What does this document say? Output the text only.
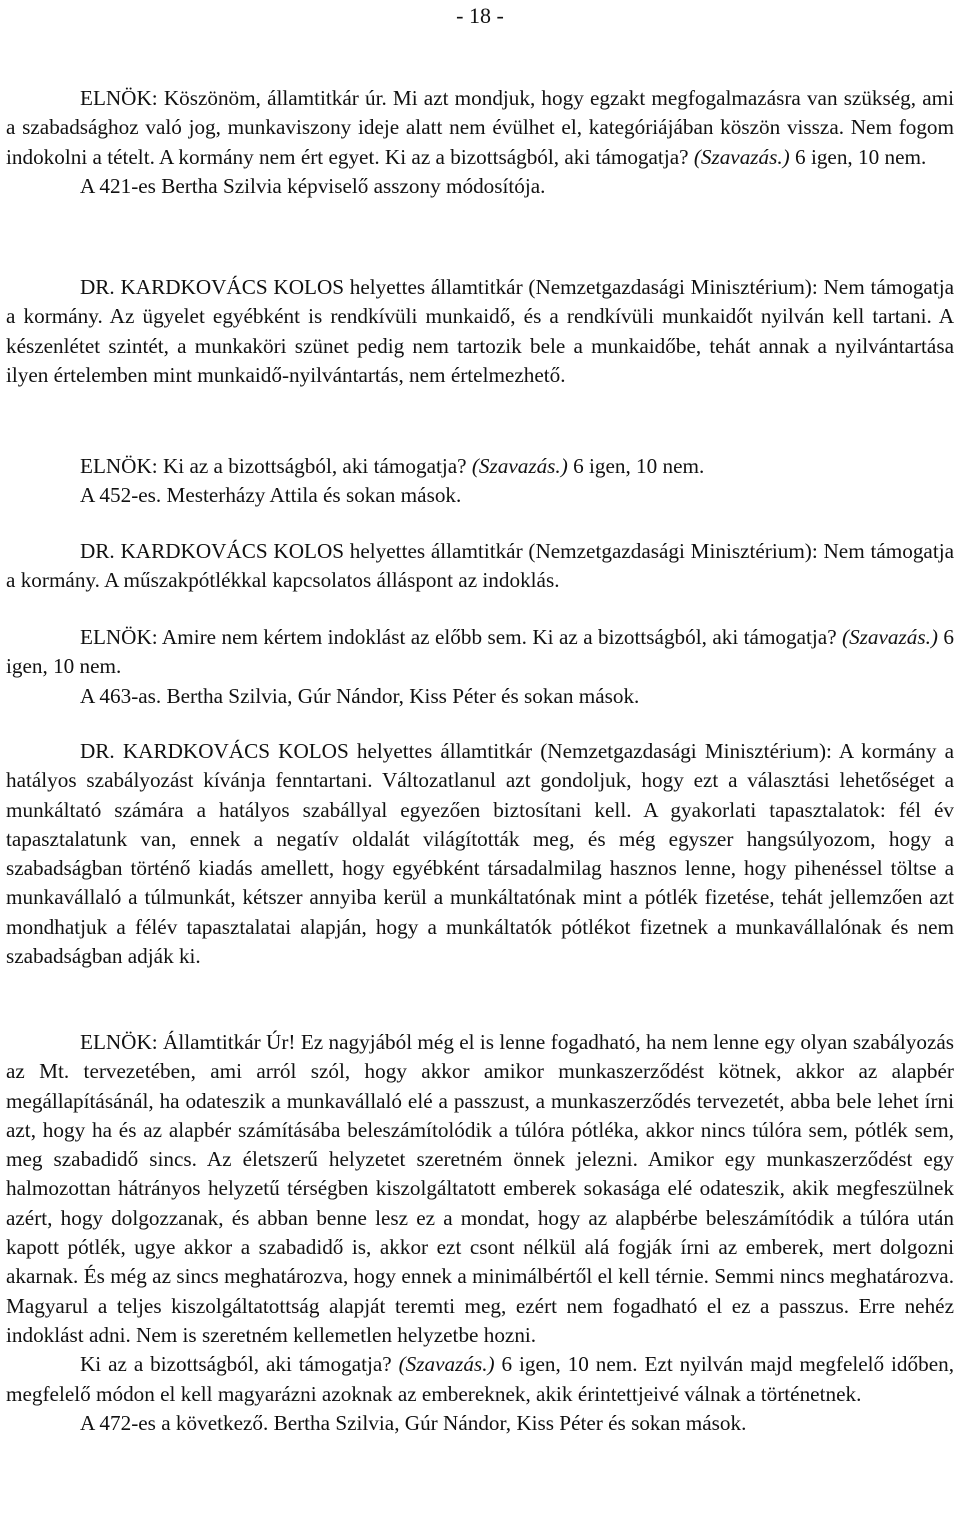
- 18 -

ELNÖK: Köszönöm, államtitkár úr. Mi azt mondjuk, hogy egzakt megfogalmazásra van szükség, ami a szabadsághoz való jog, munkaviszony ideje alatt nem évülhet el, kategóriájában köszön vissza. Nem fogom indokolni a tételt. A kormány nem ért egyet. Ki az a bizottságból, aki támogatja? (Szavazás.) 6 igen, 10 nem.

A 421-es Bertha Szilvia képviselő asszony módosítója.

DR. KARDKOVÁCS KOLOS helyettes államtitkár (Nemzetgazdasági Minisztérium): Nem támogatja a kormány. Az ügyelet egyébként is rendkívüli munkaidő, és a rendkívüli munkaidőt nyilván kell tartani. A készenlétet szintét, a munkaköri szünet pedig nem tartozik bele a munkaidőbe, tehát annak a nyilvántartása ilyen értelemben mint munkaidő-nyilvántartás, nem értelmezhető.

ELNÖK: Ki az a bizottságból, aki támogatja? (Szavazás.) 6 igen, 10 nem.

A 452-es. Mesterházy Attila és sokan mások.

DR. KARDKOVÁCS KOLOS helyettes államtitkár (Nemzetgazdasági Minisztérium): Nem támogatja a kormány. A műszakpótlékkal kapcsolatos álláspont az indoklás.

ELNÖK: Amire nem kértem indoklást az előbb sem. Ki az a bizottságból, aki támogatja? (Szavazás.) 6 igen, 10 nem.

A 463-as. Bertha Szilvia, Gúr Nándor, Kiss Péter és sokan mások.

DR. KARDKOVÁCS KOLOS helyettes államtitkár (Nemzetgazdasági Minisztérium): A kormány a hatályos szabályozást kívánja fenntartani. Változatlanul azt gondoljuk, hogy ezt a választási lehetőséget a munkáltató számára a hatályos szabállyal egyezően biztosítani kell. A gyakorlati tapasztalatok: fél év tapasztalatunk van, ennek a negatív oldalát világították meg, és még egyszer hangsúlyozom, hogy a szabadságban történő kiadás amellett, hogy egyébként társadalmilag hasznos lenne, hogy pihenéssel töltse a munkavállaló a túlmunkát, kétszer annyiba kerül a munkáltatónak mint a pótlék fizetése, tehát jellemzően azt mondhatjuk a félév tapasztalatai alapján, hogy a munkáltatók pótlékot fizetnek a munkavállalónak és nem szabadságban adják ki.

ELNÖK: Államtitkár Úr! Ez nagyjából még el is lenne fogadható, ha nem lenne egy olyan szabályozás az Mt. tervezetében, ami arról szól, hogy akkor amikor munkaszerződést kötnek, akkor az alapbér megállapításánál, ha odateszik a munkavállaló elé a passzust, a munkaszerződés tervezetét, abba bele lehet írni azt, hogy ha és az alapbér számításába beleszámítolódik a túlóra pótléka, akkor nincs túlóra sem, pótlék sem, meg szabadidő sincs. Az életszerű helyzetet szeretném önnek jelezni. Amikor egy munkaszerződést egy halmozottan hátrányos helyzetű térségben kiszolgáltatott emberek sokasága elé odateszik, akik megfeszülnek azért, hogy dolgozzanak, és abban benne lesz ez a mondat, hogy az alapbérbe beleszámítódik a túlóra után kapott pótlék, ugye akkor a szabadidő is, akkor ezt csont nélkül alá fogják írni az emberek, mert dolgozni akarnak. És még az sincs meghatározva, hogy ennek a minimálbértől el kell térnie. Semmi nincs meghatározva. Magyarul a teljes kiszolgáltatottság alapját teremti meg, ezért nem fogadható el ez a passzus. Erre nehéz indoklást adni. Nem is szeretném kellemetlen helyzetbe hozni.

Ki az a bizottságból, aki támogatja? (Szavazás.) 6 igen, 10 nem. Ezt nyilván majd megfelelő időben, megfelelő módon el kell magyarázni azoknak az embereknek, akik érintettjeivé válnak a történetnek.

A 472-es a következő. Bertha Szilvia, Gúr Nándor, Kiss Péter és sokan mások.
